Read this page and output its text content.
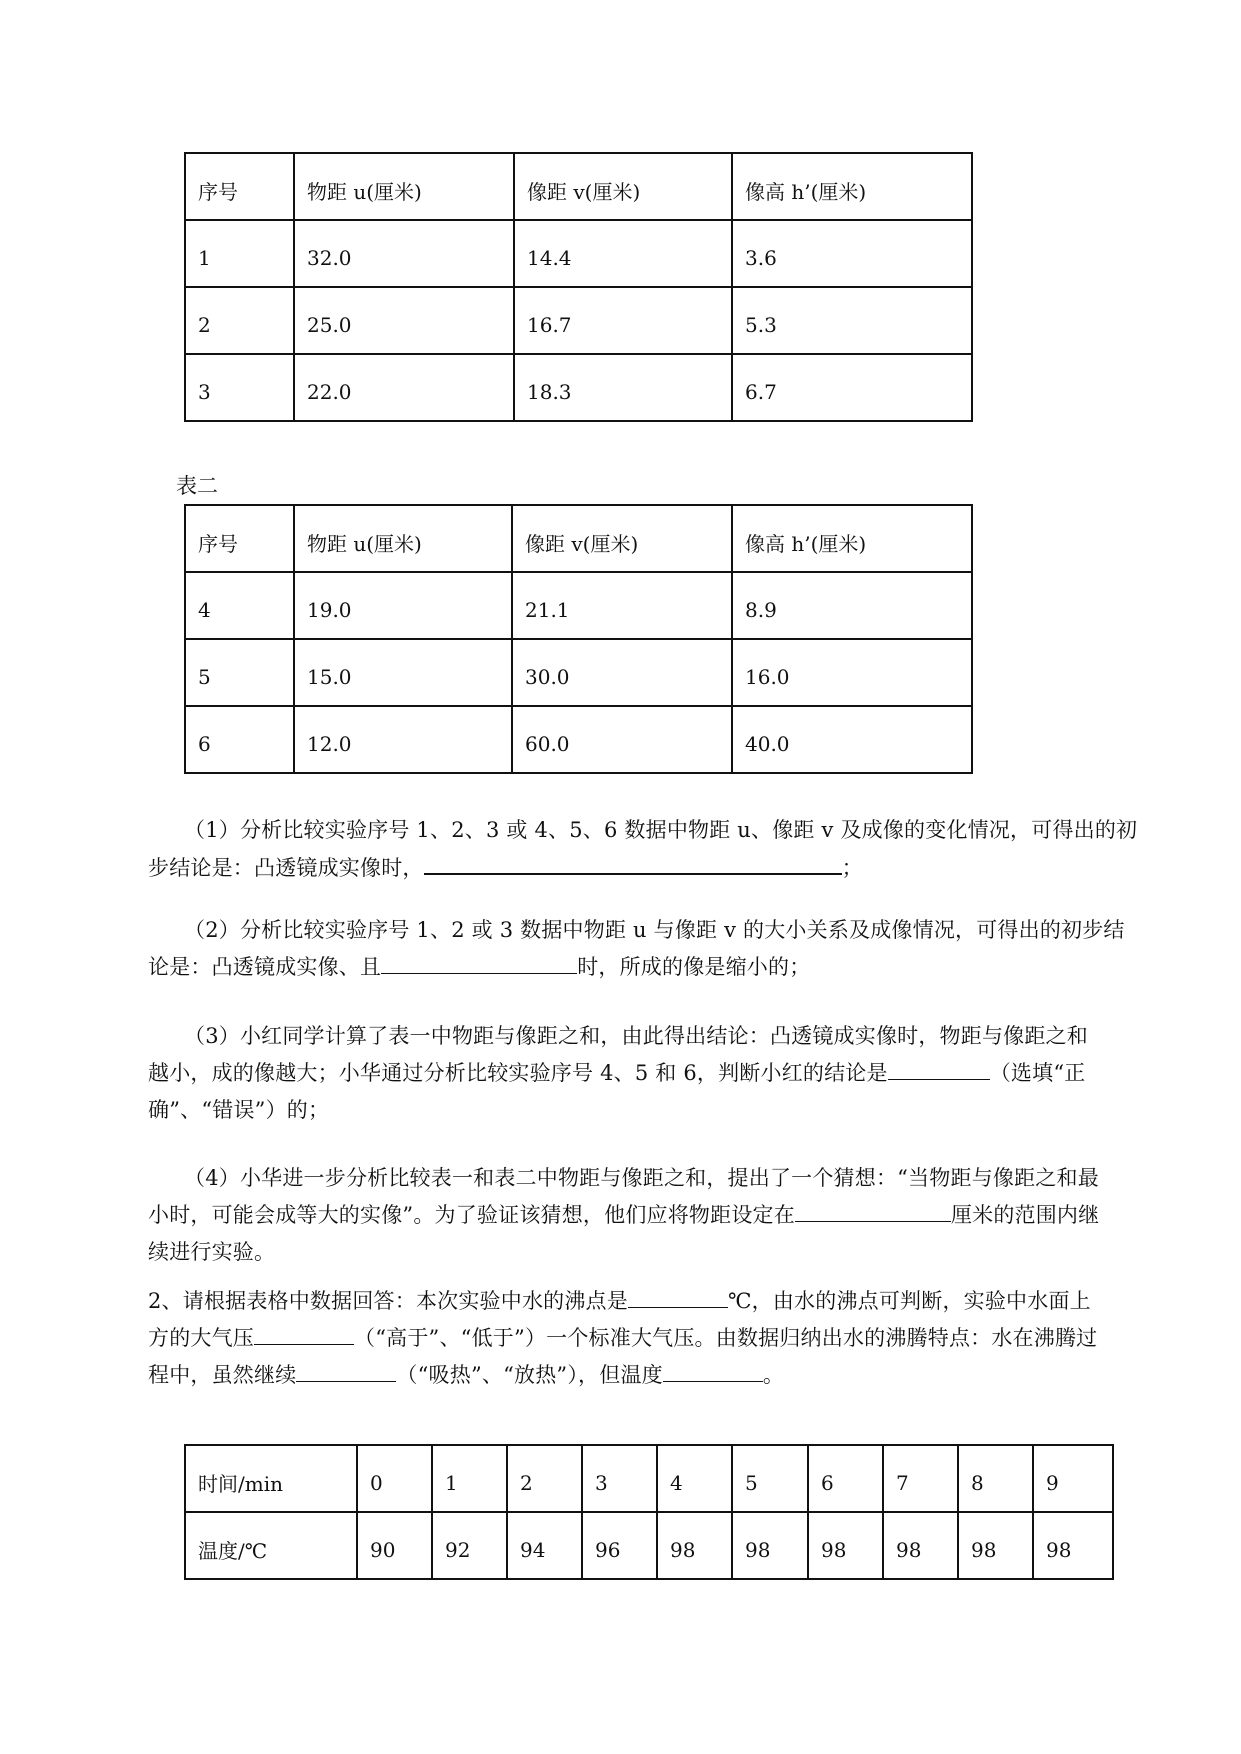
序号	物距 u(厘米)	像距 v(厘米)	像高 h’(厘米)
1	32.0	14.4	3.6
2	25.0	16.7	5.3
3	22.0	18.3	6.7
表二
序号	物距 u(厘米)	像距 v(厘米)	像高 h’(厘米)
4	19.0	21.1	8.9
5	15.0	30.0	16.0
6	12.0	60.0	40.0
（1）分析比较实验序号 1、2、3 或 4、5、6 数据中物距 u、像距 v 及成像的变化情况，可得出的初
步结论是：凸透镜成实像时，	；
（2）分析比较实验序号 1、2 或 3 数据中物距 u 与像距 v 的大小关系及成像情况，可得出的初步结
论是：凸透镜成实像、且	时，所成的像是缩小的；
（3）小红同学计算了表一中物距与像距之和，由此得出结论：凸透镜成实像时，物距与像距之和
越小，成的像越大；小华通过分析比较实验序号 4、5 和 6，判断小红的结论是	（选填“正
确”、“错误”）的；
（4）小华进一步分析比较表一和表二中物距与像距之和，提出了一个猜想：“当物距与像距之和最
小时，可能会成等大的实像”。为了验证该猜想，他们应将物距设定在	厘米的范围内继
续进行实验。
2、请根据表格中数据回答：本次实验中水的沸点是	℃，由水的沸点可判断，实验中水面上
方的大气压	（“高于”、“低于”）一个标准大气压。由数据归纳出水的沸腾特点：水在沸腾过
程中，虽然继续	（“吸热”、“放热”），但温度	。
时间/min	0	1	2	3	4	5	6	7	8	9
温度/℃	90	92	94	96	98	98	98	98	98	98
